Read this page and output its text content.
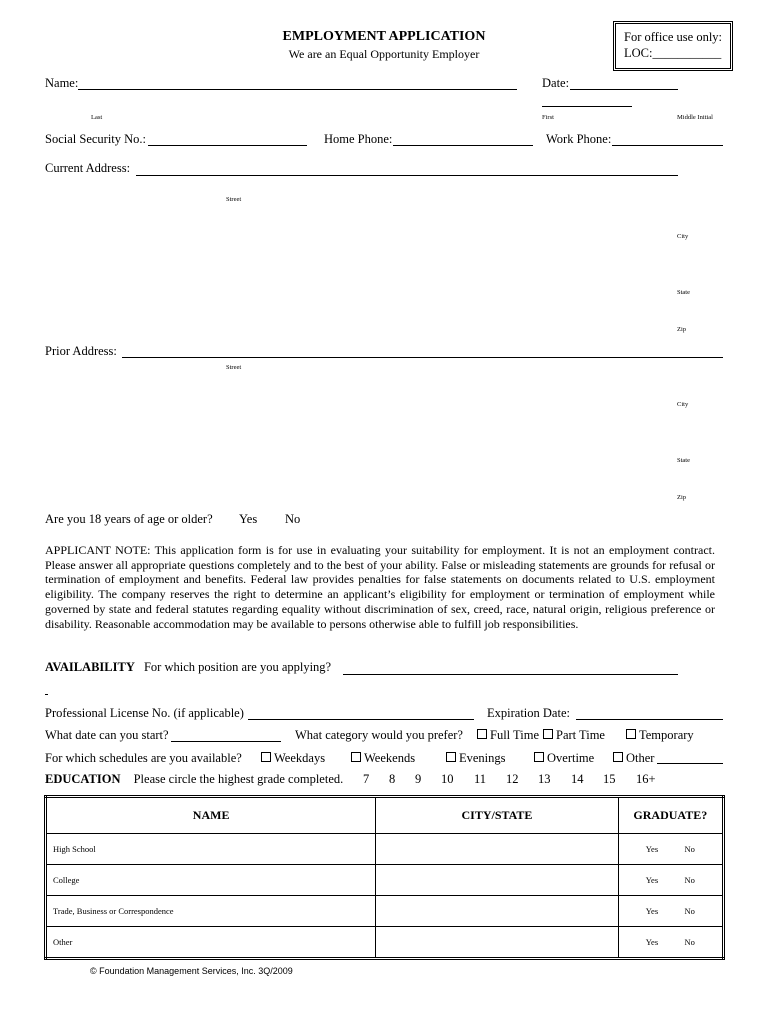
EMPLOYMENT APPLICATION
We are an Equal Opportunity Employer
For office use only:
LOC:___________
Name:	Date:
Last	First	Middle Initial
Social Security No.:	Home Phone:	Work Phone:
Current Address:
Street
City
State
Zip
Prior Address:
Street
City
State
Zip
Are you 18 years of age or older? Yes No
APPLICANT NOTE: This application form is for use in evaluating your suitability for employment. It is not an employment contract. Please answer all appropriate questions completely and to the best of your ability. False or misleading statements are grounds for refusal or termination of employment and benefits. Federal law provides penalties for false statements on documents related to U.S. employment eligibility. The company reserves the right to determine an applicant’s eligibility for employment or termination of employment while governed by state and federal statutes regarding equality without discrimination of sex, creed, race, natural origin, religious preference or disability. Reasonable accommodation may be available to persons otherwise able to fulfill job responsibilities.
AVAILABILITY For which position are you applying?
Professional License No. (if applicable)	Expiration Date:
What date can you start?	What category would you prefer?	Full Time	Part Time	Temporary
For which schedules are you available?	Weekdays	Weekends	Evenings	Overtime	Other
EDUCATION Please circle the highest grade completed. 7 8 9 10 11 12 13 14 15 16+
NAME	CITY/STATE	GRADUATE?
High School		Yes No

College		Yes No

Trade, Business or Correspondence		Yes No

Other		Yes No
© Foundation Management Services, Inc. 3Q/2009
